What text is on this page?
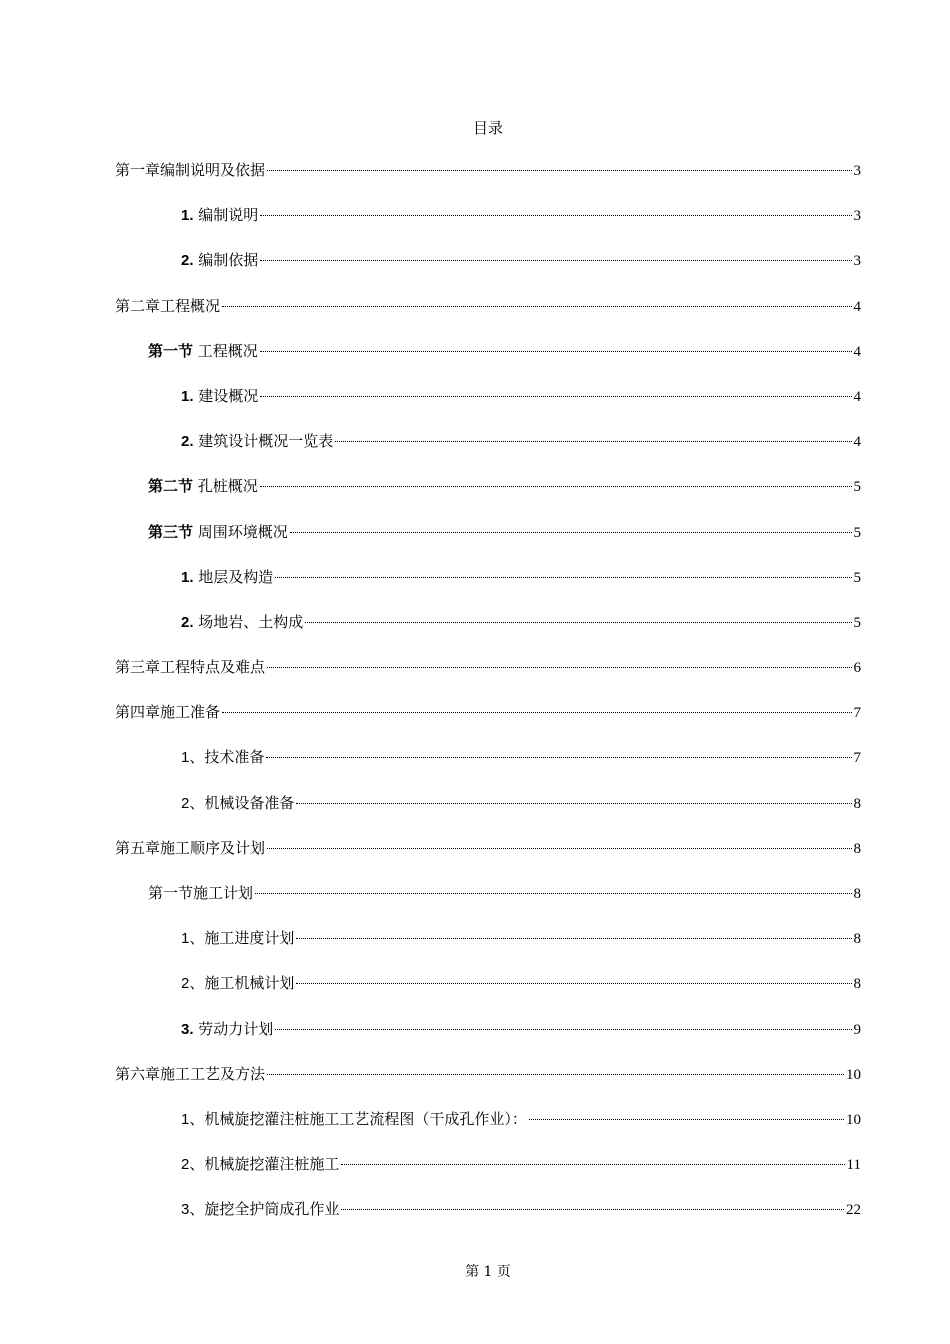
目录
第一章 编制说明及依据	3
1. 编制说明	3
2. 编制依据	3
第二章 工程概况	4
第一节 工程概况	4
1. 建设概况	4
2. 建筑设计概况一览表	4
第二节 孔桩概况	5
第三节 周围环境概况	5
1. 地层及构造	5
2. 场地岩、土构成	5
第三章 工程特点及难点	6
第四章 施工准备	7
1、 技术准备	7
2、 机械设备准备	8
第五章 施工顺序及计划	8
第一节 施工计划	8
1、 施工进度计划	8
2、 施工机械计划	8
3. 劳动力计划	9
第六章 施工工艺及方法	10
1、 机械旋挖灌注桩施工工艺流程图（干成孔作业）：	10
2、 机械旋挖灌注桩施工	11
3、 旋挖全护筒成孔作业	22
第 1 页
